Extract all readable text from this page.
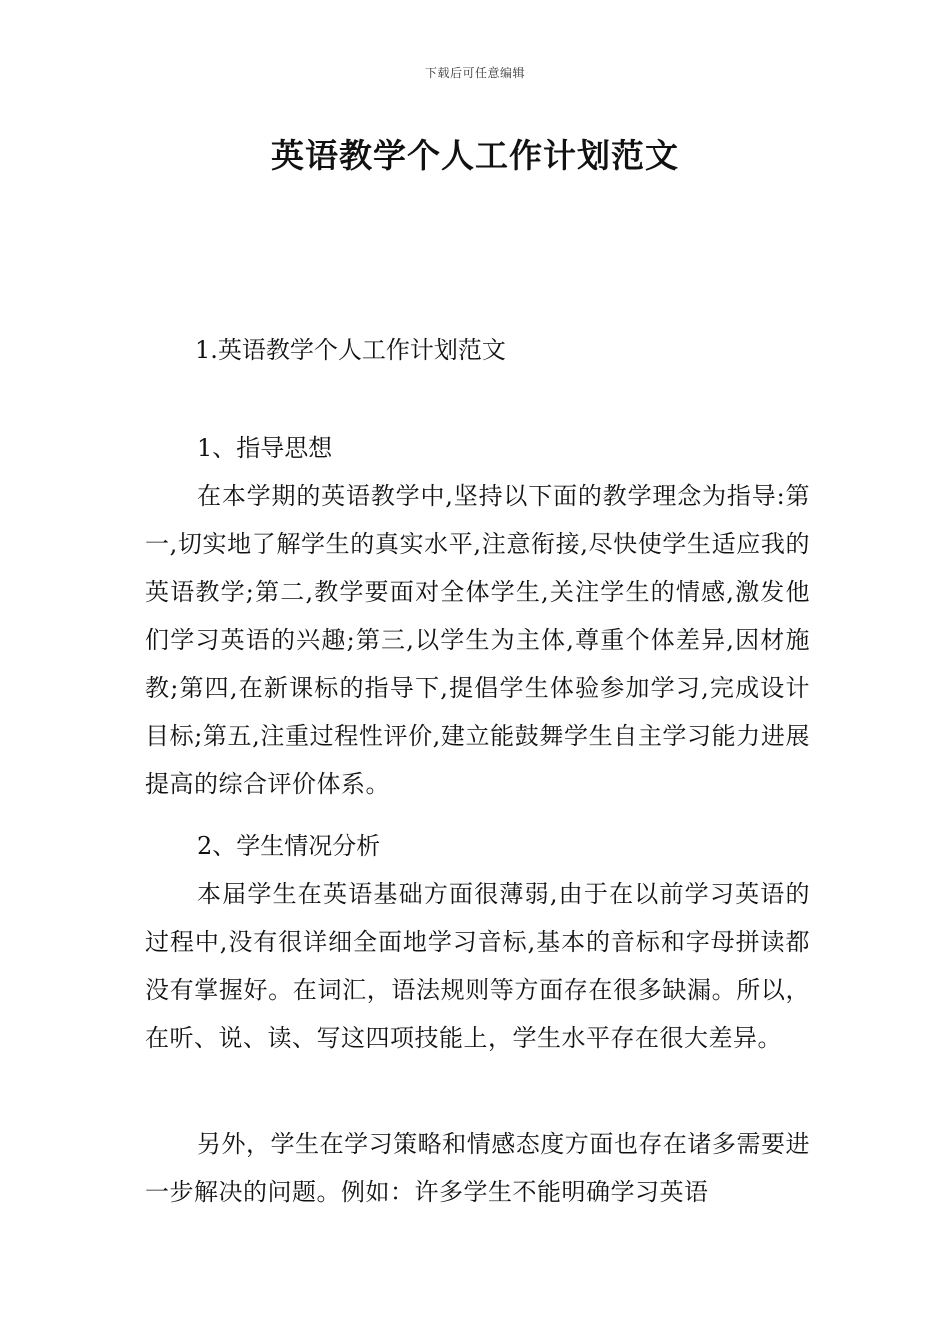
下载后可任意编辑
英语教学个人工作计划范文

1.英语教学个人工作计划范文

1、指导思想

在本学期的英语教学中,坚持以下面的教学理念为指导:第一,切实地了解学生的真实水平,注意衔接,尽快使学生适应我的英语教学;第二,教学要面对全体学生,关注学生的情感,激发他们学习英语的兴趣;第三,以学生为主体,尊重个体差异,因材施教;第四,在新课标的指导下,提倡学生体验参加学习,完成设计目标;第五,注重过程性评价,建立能鼓舞学生自主学习能力进展提高的综合评价体系。

2、学生情况分析

本届学生在英语基础方面很薄弱,由于在以前学习英语的过程中,没有很详细全面地学习音标,基本的音标和字母拼读都没有掌握好。在词汇，语法规则等方面存在很多缺漏。所以，在听、说、读、写这四项技能上，学生水平存在很大差异。

另外，学生在学习策略和情感态度方面也存在诸多需要进一步解决的问题。例如：许多学生不能明确学习英语
